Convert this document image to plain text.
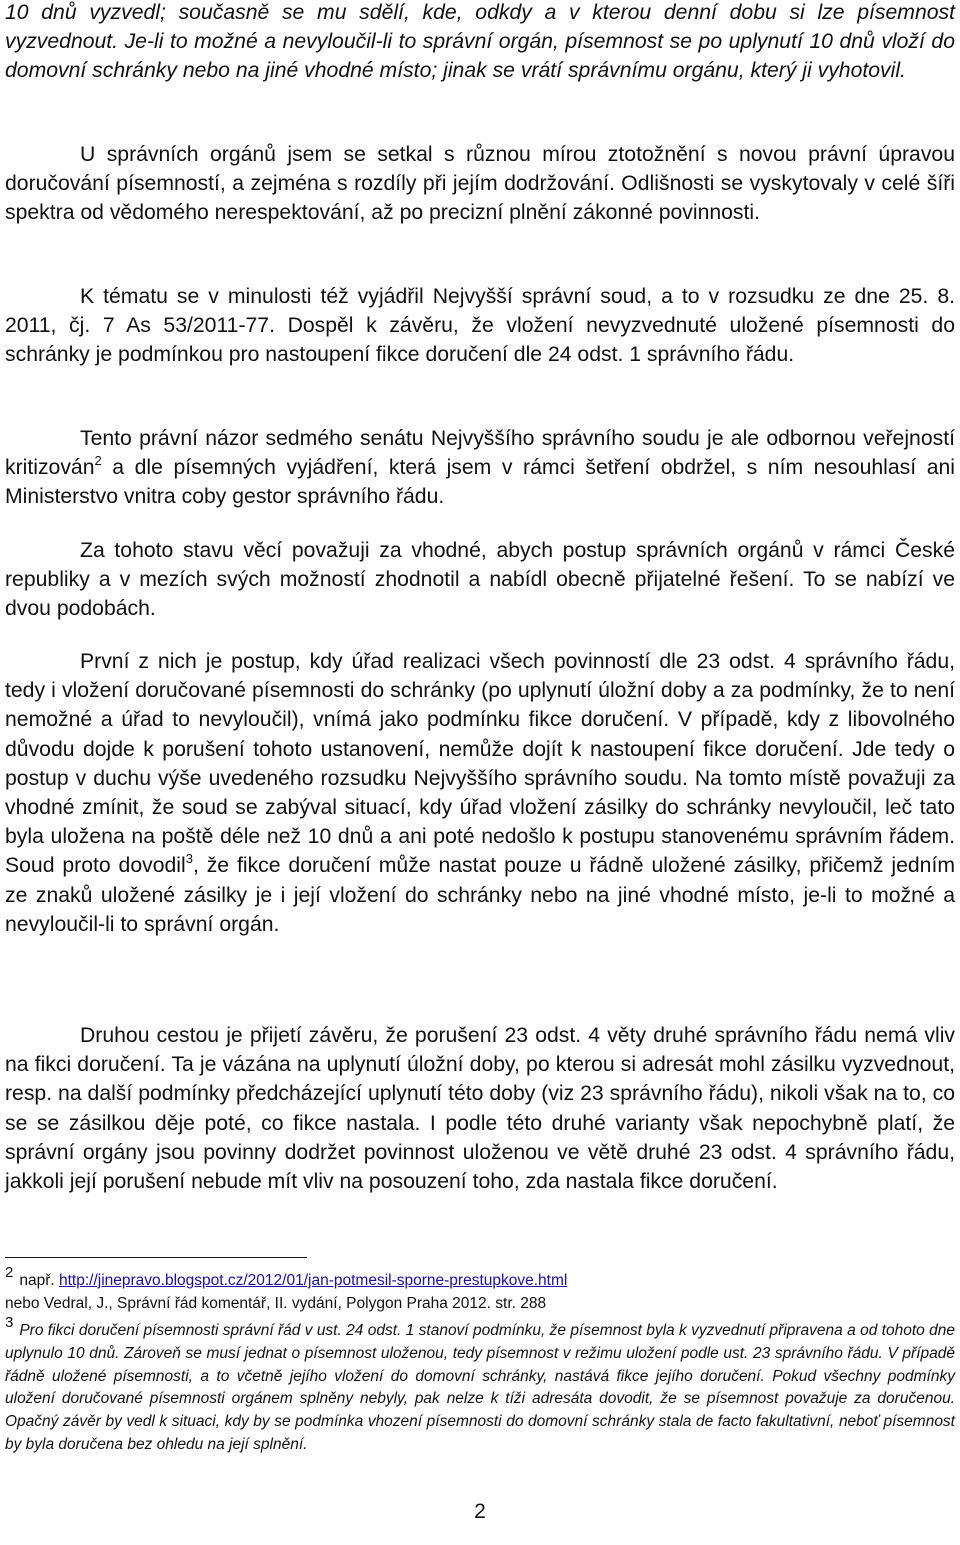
10 dnů vyzvedl; současně se mu sdělí, kde, odkdy a v kterou denní dobu si lze písemnost vyzvednout. Je-li to možné a nevyloučil-li to správní orgán, písemnost se po uplynutí 10 dnů vloží do domovní schránky nebo na jiné vhodné místo; jinak se vrátí správnímu orgánu, který ji vyhotovil.

U správních orgánů jsem se setkal s různou mírou ztotožnění s novou právní úpravou doručování písemností, a zejména s rozdíly při jejím dodržování. Odlišnosti se vyskytovaly v celé šíři spektra od vědomého nerespektování, až po precizní plnění zákonné povinnosti.

K tématu se v minulosti též vyjádřil Nejvyšší správní soud, a to v rozsudku ze dne 25. 8. 2011, čj. 7 As 53/2011-77. Dospěl k závěru, že vložení nevyzvednuté uložené písemnosti do schránky je podmínkou pro nastoupení fikce doručení dle 24 odst. 1 správního řádu.

Tento právní názor sedmého senátu Nejvyššího správního soudu je ale odbornou veřejností kritizován$^2$ a dle písemných vyjádření, která jsem v rámci šetření obdržel, s ním nesouhlasí ani Ministerstvo vnitra coby gestor správního řádu.

Za tohoto stavu věcí považuji za vhodné, abych postup správních orgánů v rámci České republiky a v mezích svých možností zhodnotil a nabídl obecně přijatelné řešení. To se nabízí ve dvou podobách.

První z nich je postup, kdy úřad realizaci všech povinností dle 23 odst. 4 správního řádu, tedy i vložení doručované písemnosti do schránky (po uplynutí úložní doby a za podmínky, že to není nemožné a úřad to nevyloučil), vnímá jako podmínku fikce doručení. V případě, kdy z libovolného důvodu dojde k porušení tohoto ustanovení, nemůže dojít k nastoupení fikce doručení. Jde tedy o postup v duchu výše uvedeného rozsudku Nejvyššího správního soudu. Na tomto místě považuji za vhodné zmínit, že soud se zabýval situací, kdy úřad vložení zásilky do schránky nevyloučil, leč tato byla uložena na poště déle než 10 dnů a ani poté nedošlo k postupu stanovenému správním řádem. Soud proto dovodil$^3$, že fikce doručení může nastat pouze u řádně uložené zásilky, přičemž jedním ze znaků uložené zásilky je i její vložení do schránky nebo na jiné vhodné místo, je-li to možné a nevyloučil-li to správní orgán.

Druhou cestou je přijetí závěru, že porušení 23 odst. 4 věty druhé správního řádu nemá vliv na fikci doručení. Ta je vázána na uplynutí úložní doby, po kterou si adresát mohl zásilku vyzvednout, resp. na další podmínky předcházející uplynutí této doby (viz 23 správního řádu), nikoli však na to, co se se zásilkou děje poté, co fikce nastala. I podle této druhé varianty však nepochybně platí, že správní orgány jsou povinny dodržet povinnost uloženou ve větě druhé 23 odst. 4 správního řádu, jakkoli její porušení nebude mít vliv na posouzení toho, zda nastala fikce doručení.

2 např. http://jinepravo.blogspot.cz/2012/01/jan-potmesil-sporne-prestupkove.html
nebo Vedral, J., Správní řád komentář, II. vydání, Polygon Praha 2012. str. 288
3 Pro fikci doručení písemnosti správní řád v ust. 24 odst. 1 stanoví podmínku, že písemnost byla k vyzvednutí připravena a od tohoto dne uplynulo 10 dnů. Zároveň se musí jednat o písemnost uloženou, tedy písemnost v režimu uložení podle ust. 23 správního řádu. V případě řádně uložené písemnosti, a to včetně jejího vložení do domovní schránky, nastává fikce jejího doručení. Pokud všechny podmínky uložení doručované písemnosti orgánem splněny nebyly, pak nelze k tíži adresáta dovodit, že se písemnost považuje za doručenou. Opačný závěr by vedl k situaci, kdy by se podmínka vhození písemnosti do domovní schránky stala de facto fakultativní, neboť písemnost by byla doručena bez ohledu na její splnění.
2
